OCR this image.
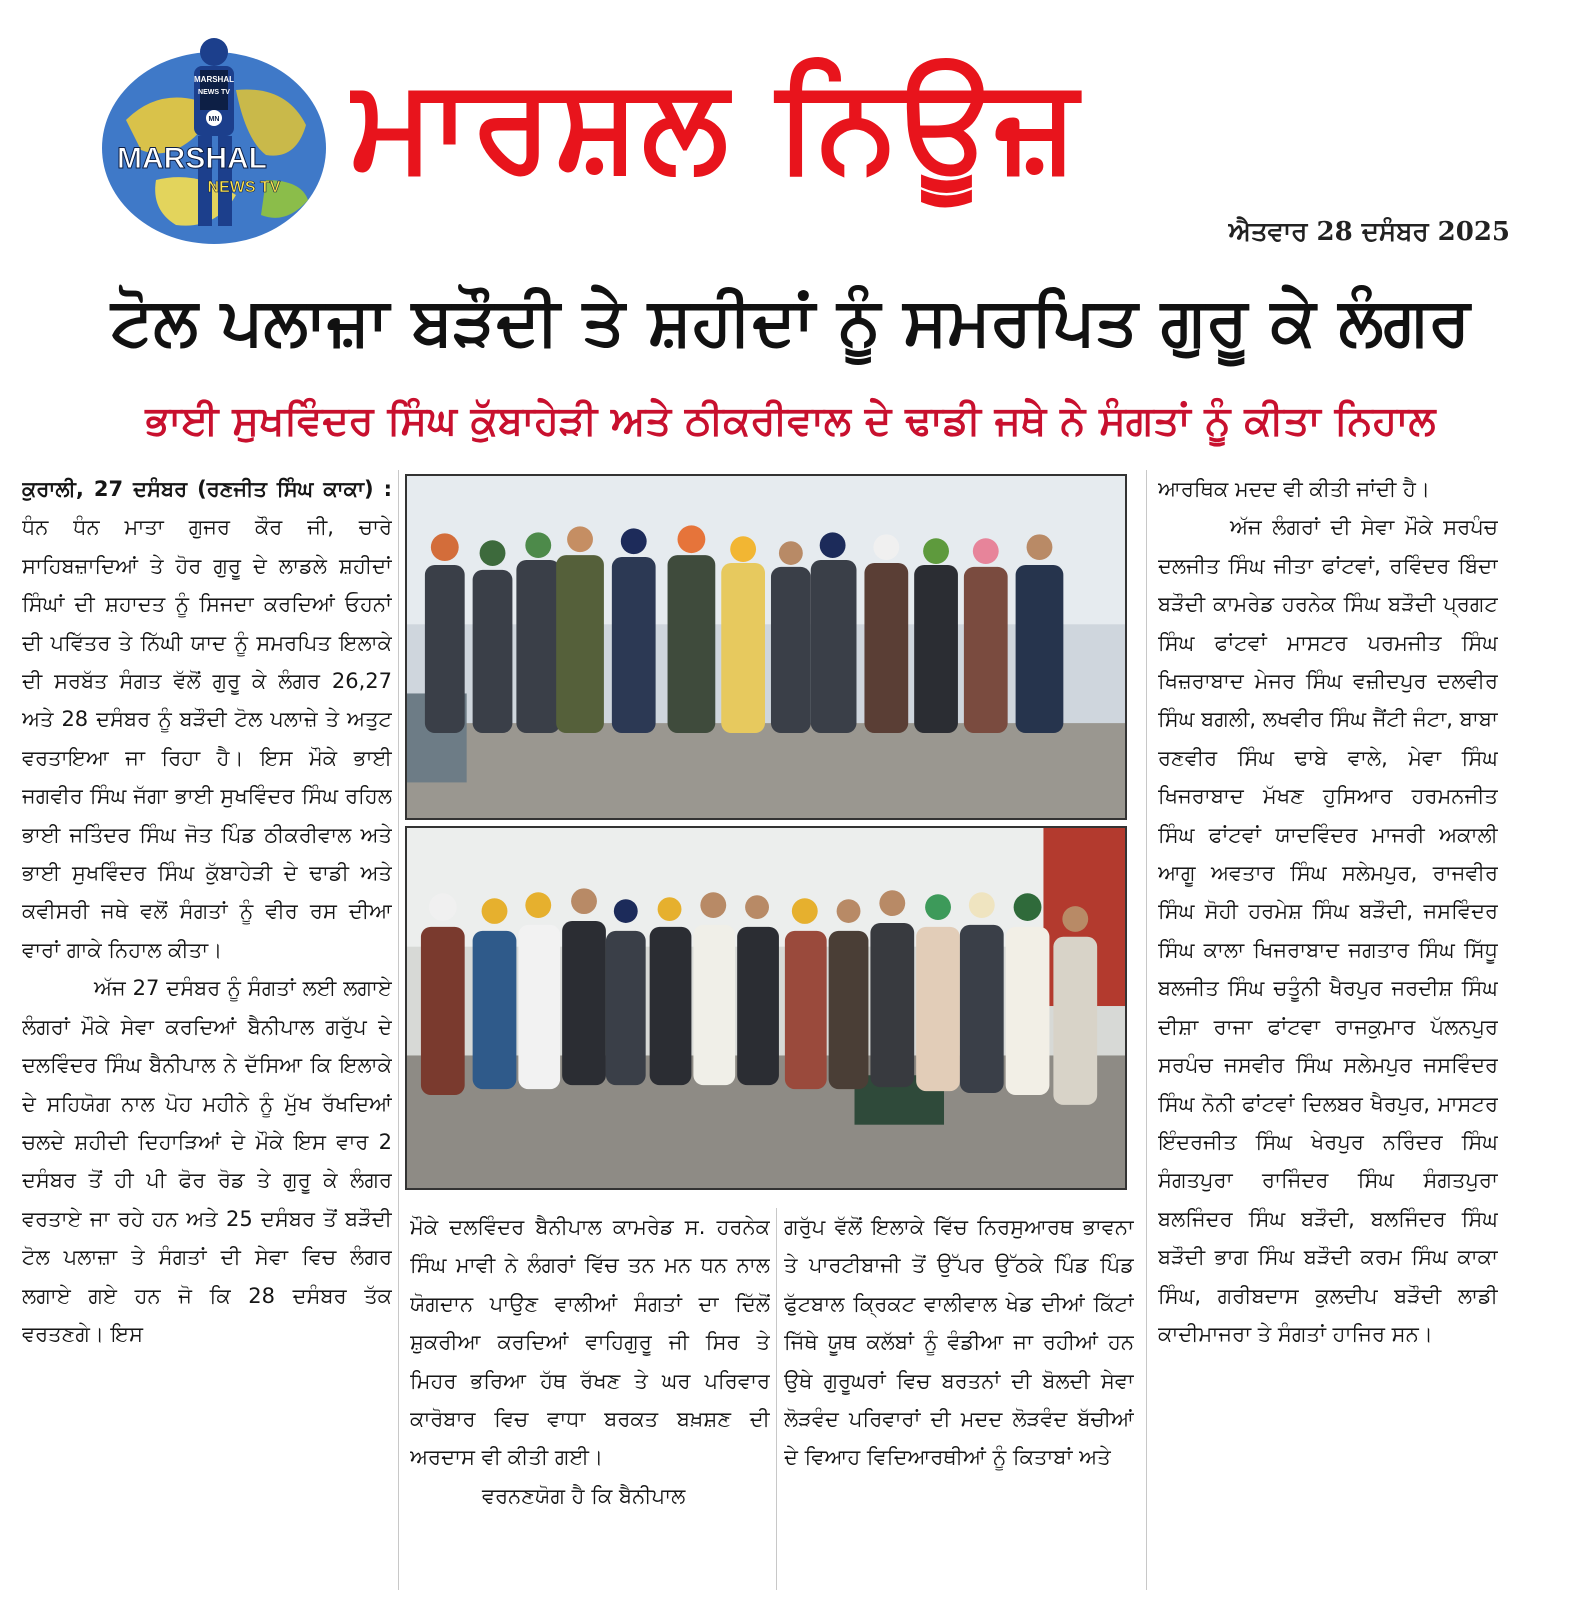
MARSHAL
NEWS TV
MN
MARSHAL
NEWS TV ਮਾਰਸ਼ਲ ਨਿਊਜ਼
ਐਤਵਾਰ 28 ਦਸੰਬਰ 2025
ਟੋਲ ਪਲਾਜ਼ਾ ਬੜੌਦੀ ਤੇ ਸ਼ਹੀਦਾਂ ਨੂੰ ਸਮਰਪਿਤ ਗੁਰੂ ਕੇ ਲੰਗਰ
ਭਾਈ ਸੁਖਵਿੰਦਰ ਸਿੰਘ ਕੁੱਬਾਹੇੜੀ ਅਤੇ ਠੀਕਰੀਵਾਲ ਦੇ ਢਾਡੀ ਜਥੇ ਨੇ ਸੰਗਤਾਂ ਨੂੰ ਕੀਤਾ ਨਿਹਾਲ

ਕੁਰਾਲੀ, 27 ਦਸੰਬਰ (ਰਣਜੀਤ ਸਿੰਘ ਕਾਕਾ) : ਧੰਨ ਧੰਨ ਮਾਤਾ ਗੁਜਰ ਕੌਰ ਜੀ, ਚਾਰੇ ਸਾਹਿਬਜ਼ਾਦਿਆਂ ਤੇ ਹੋਰ ਗੁਰੂ ਦੇ ਲਾਡਲੇ ਸ਼ਹੀਦਾਂ ਸਿੰਘਾਂ ਦੀ ਸ਼ਹਾਦਤ ਨੂੰ ਸਿਜਦਾ ਕਰਦਿਆਂ ਓਹਨਾਂ ਦੀ ਪਵਿੱਤਰ ਤੇ ਨਿੱਘੀ ਯਾਦ ਨੂੰ ਸਮਰਪਿਤ ਇਲਾਕੇ ਦੀ ਸਰਬੱਤ ਸੰਗਤ ਵੱਲੋਂ ਗੁਰੂ ਕੇ ਲੰਗਰ 26,27 ਅਤੇ 28 ਦਸੰਬਰ ਨੂੰ ਬੜੌਦੀ ਟੋਲ ਪਲਾਜ਼ੇ ਤੇ ਅਤੁਟ ਵਰਤਾਇਆ ਜਾ ਰਿਹਾ ਹੈ। ਇਸ ਮੌਕੇ ਭਾਈ ਜਗਵੀਰ ਸਿੰਘ ਜੱਗਾ ਭਾਈ ਸੁਖਵਿੰਦਰ ਸਿੰਘ ਰਹਿਲ ਭਾਈ ਜਤਿੰਦਰ ਸਿੰਘ ਜੋਤ ਪਿੰਡ ਠੀਕਰੀਵਾਲ ਅਤੇ ਭਾਈ ਸੁਖਵਿੰਦਰ ਸਿੰਘ ਕੁੱਬਾਹੇੜੀ ਦੇ ਢਾਡੀ ਅਤੇ ਕਵੀਸਰੀ ਜਥੇ ਵਲੋਂ ਸੰਗਤਾਂ ਨੂੰ ਵੀਰ ਰਸ ਦੀਆ ਵਾਰਾਂ ਗਾਕੇ ਨਿਹਾਲ ਕੀਤਾ।

ਅੱਜ 27 ਦਸੰਬਰ ਨੂੰ ਸੰਗਤਾਂ ਲਈ ਲਗਾਏ ਲੰਗਰਾਂ ਮੌਕੇ ਸੇਵਾ ਕਰਦਿਆਂ ਬੈਨੀਪਾਲ ਗਰੁੱਪ ਦੇ ਦਲਵਿੰਦਰ ਸਿੰਘ ਬੈਨੀਪਾਲ ਨੇ ਦੱਸਿਆ ਕਿ ਇਲਾਕੇ ਦੇ ਸਹਿਯੋਗ ਨਾਲ ਪੋਹ ਮਹੀਨੇ ਨੂੰ ਮੁੱਖ ਰੱਖਦਿਆਂ ਚਲਦੇ ਸ਼ਹੀਦੀ ਦਿਹਾੜਿਆਂ ਦੇ ਮੌਕੇ ਇਸ ਵਾਰ 2 ਦਸੰਬਰ ਤੋਂ ਹੀ ਪੀ ਫੋਰ ਰੋਡ ਤੇ ਗੁਰੂ ਕੇ ਲੰਗਰ ਵਰਤਾਏ ਜਾ ਰਹੇ ਹਨ ਅਤੇ 25 ਦਸੰਬਰ ਤੋਂ ਬੜੌਦੀ ਟੋਲ ਪਲਾਜ਼ਾ ਤੇ ਸੰਗਤਾਂ ਦੀ ਸੇਵਾ ਵਿਚ ਲੰਗਰ ਲਗਾਏ ਗਏ ਹਨ ਜੋ ਕਿ 28 ਦਸੰਬਰ ਤੱਕ ਵਰਤਣਗੇ। ਇਸ

ਮੌਕੇ ਦਲਵਿੰਦਰ ਬੈਨੀਪਾਲ ਕਾਮਰੇਡ ਸ. ਹਰਨੇਕ ਸਿੰਘ ਮਾਵੀ ਨੇ ਲੰਗਰਾਂ ਵਿੱਚ ਤਨ ਮਨ ਧਨ ਨਾਲ ਯੋਗਦਾਨ ਪਾਉਣ ਵਾਲੀਆਂ ਸੰਗਤਾਂ ਦਾ ਦਿੱਲੋਂ ਸ਼ੁਕਰੀਆ ਕਰਦਿਆਂ ਵਾਹਿਗੁਰੂ ਜੀ ਸਿਰ ਤੇ ਮਿਹਰ ਭਰਿਆ ਹੱਥ ਰੱਖਣ ਤੇ ਘਰ ਪਰਿਵਾਰ ਕਾਰੋਬਾਰ ਵਿਚ ਵਾਧਾ ਬਰਕਤ ਬਖ਼ਸ਼ਣ ਦੀ ਅਰਦਾਸ ਵੀ ਕੀਤੀ ਗਈ।

ਵਰਨਣਯੋਗ ਹੈ ਕਿ ਬੈਨੀਪਾਲ

ਗਰੁੱਪ ਵੱਲੋਂ ਇਲਾਕੇ ਵਿੱਚ ਨਿਰਸੁਆਰਥ ਭਾਵਨਾ ਤੇ ਪਾਰਟੀਬਾਜੀ ਤੋਂ ਉੱਪਰ ਉੱਠਕੇ ਪਿੰਡ ਪਿੰਡ ਫੁੱਟਬਾਲ ਕ੍ਰਿਕਟ ਵਾਲੀਵਾਲ ਖੇਡ ਦੀਆਂ ਕਿੱਟਾਂ ਜਿੱਥੇ ਯੂਥ ਕਲੱਬਾਂ ਨੂੰ ਵੰਡੀਆ ਜਾ ਰਹੀਆਂ ਹਨ ਉਥੇ ਗੁਰੂਘਰਾਂ ਵਿਚ ਬਰਤਨਾਂ ਦੀ ਬੋਲਦੀ ਸੇਵਾ ਲੋੜਵੰਦ ਪਰਿਵਾਰਾਂ ਦੀ ਮਦਦ ਲੋੜਵੰਦ ਬੱਚੀਆਂ ਦੇ ਵਿਆਹ ਵਿਦਿਆਰਥੀਆਂ ਨੂੰ ਕਿਤਾਬਾਂ ਅਤੇ

ਆਰਥਿਕ ਮਦਦ ਵੀ ਕੀਤੀ ਜਾਂਦੀ ਹੈ।

ਅੱਜ ਲੰਗਰਾਂ ਦੀ ਸੇਵਾ ਮੌਕੇ ਸਰਪੰਚ ਦਲਜੀਤ ਸਿੰਘ ਜੀਤਾ ਫਾਂਟਵਾਂ, ਰਵਿੰਦਰ ਬਿੰਦਾ ਬੜੌਦੀ ਕਾਮਰੇਡ ਹਰਨੇਕ ਸਿੰਘ ਬੜੌਦੀ ਪ੍ਰਗਟ ਸਿੰਘ ਫਾਂਟਵਾਂ ਮਾਸਟਰ ਪਰਮਜੀਤ ਸਿੰਘ ਖਿਜ਼ਰਾਬਾਦ ਮੇਜਰ ਸਿੰਘ ਵਜ਼ੀਦਪੁਰ ਦਲਵੀਰ ਸਿੰਘ ਬਗਲੀ, ਲਖਵੀਰ ਸਿੰਘ ਜੈਂਟੀ ਜੰਟਾ, ਬਾਬਾ ਰਣਵੀਰ ਸਿੰਘ ਢਾਬੇ ਵਾਲੇ, ਮੇਵਾ ਸਿੰਘ ਖਿਜਰਾਬਾਦ ਮੱਖਣ ਹੁਸਿਆਰ ਹਰਮਨਜੀਤ ਸਿੰਘ ਫਾਂਟਵਾਂ ਯਾਦਵਿੰਦਰ ਮਾਜਰੀ ਅਕਾਲੀ ਆਗੂ ਅਵਤਾਰ ਸਿੰਘ ਸਲੇਮਪੁਰ, ਰਾਜਵੀਰ ਸਿੰਘ ਸੋਹੀ ਹਰਮੇਸ਼ ਸਿੰਘ ਬੜੌਦੀ, ਜਸਵਿੰਦਰ ਸਿੰਘ ਕਾਲਾ ਖਿਜਰਾਬਾਦ ਜਗਤਾਰ ਸਿੰਘ ਸਿੱਧੂ ਬਲਜੀਤ ਸਿੰਘ ਚਤੂੰਨੀ ਖੈਰਪੁਰ ਜਰਦੀਸ਼ ਸਿੰਘ ਦੀਸ਼ਾ ਰਾਜਾ ਫਾਂਟਵਾ ਰਾਜਕੁਮਾਰ ਪੱਲਨਪੁਰ ਸਰਪੰਚ ਜਸਵੀਰ ਸਿੰਘ ਸਲੇਮਪੁਰ ਜਸਵਿੰਦਰ ਸਿੰਘ ਨੋਨੀ ਫਾਂਟਵਾਂ ਦਿਲਬਰ ਖੈਰਪੁਰ, ਮਾਸਟਰ ਇੰਦਰਜੀਤ ਸਿੰਘ ਖੇਰਪੁਰ ਨਰਿੰਦਰ ਸਿੰਘ ਸੰਗਤਪੁਰਾ ਰਾਜਿੰਦਰ ਸਿੰਘ ਸੰਗਤਪੁਰਾ ਬਲਜਿੰਦਰ ਸਿੰਘ ਬੜੌਦੀ, ਬਲਜਿੰਦਰ ਸਿੰਘ ਬੜੌਦੀ ਭਾਗ ਸਿੰਘ ਬੜੌਦੀ ਕਰਮ ਸਿੰਘ ਕਾਕਾ ਸਿੰਘ, ਗਰੀਬਦਾਸ ਕੁਲਦੀਪ ਬੜੌਦੀ ਲਾਡੀ ਕਾਦੀਮਾਜਰਾ ਤੇ ਸੰਗਤਾਂ ਹਾਜਿਰ ਸਨ।
